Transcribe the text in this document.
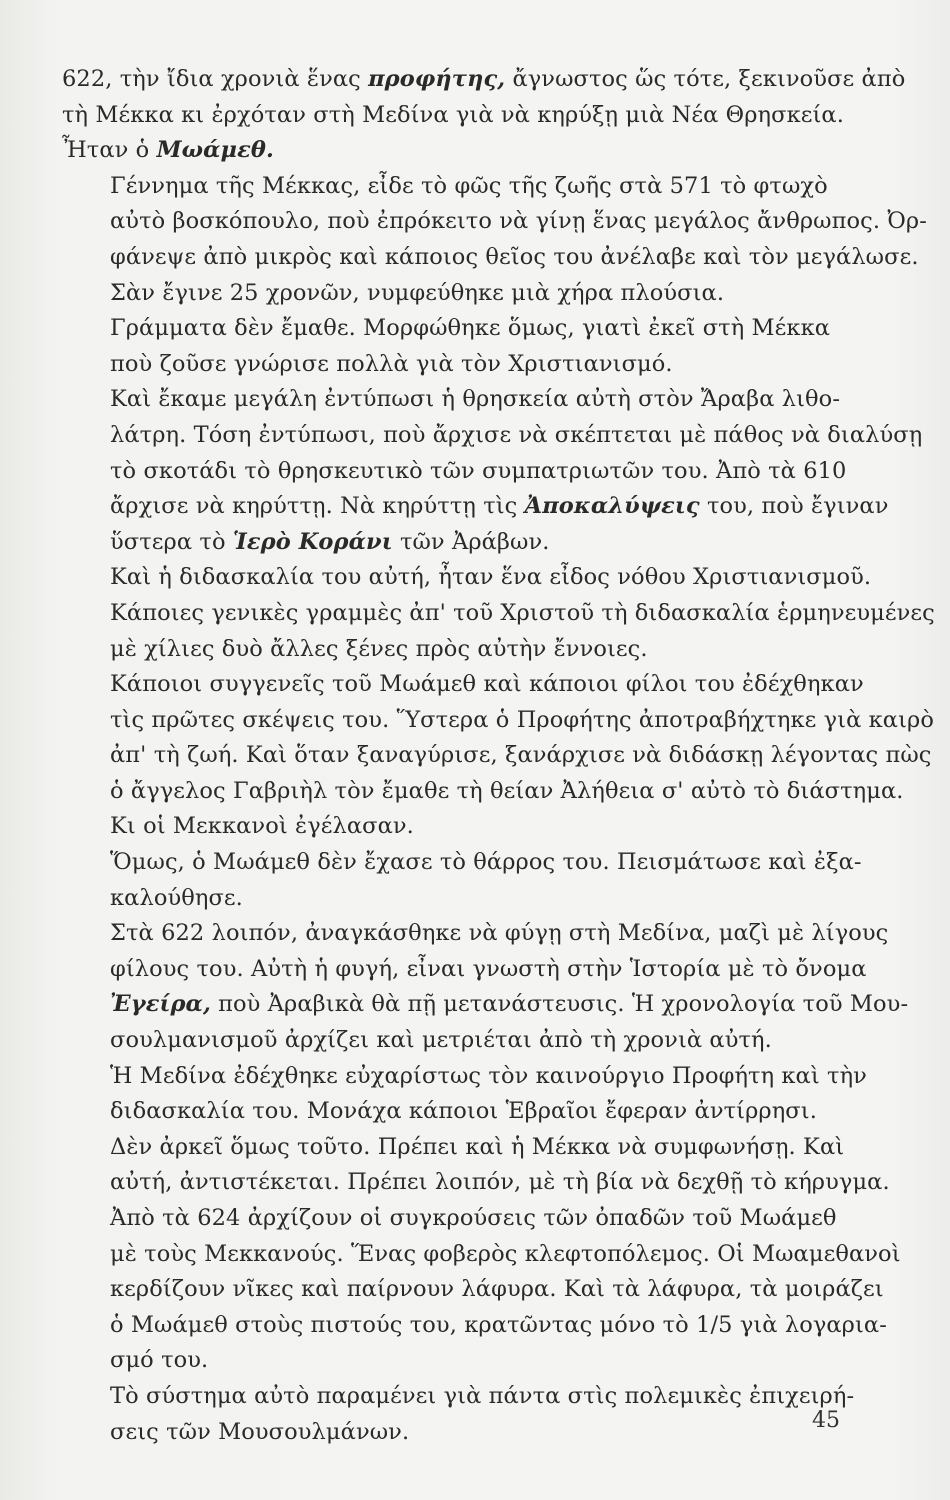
622, τὴν ἴδια χρονιὰ ἕνας προφήτης, ἄγνωστος ὥς τότε, ξεκινοῦσε ἀπὸ
τὴ Μέκκα κι ἐρχόταν στὴ Μεδίνα γιὰ νὰ κηρύξῃ μιὰ Νέα Θρησκεία.
Ἦταν ὁ Μωάμεθ.
Γέννημα τῆς Μέκκας, εἶδε τὸ φῶς τῆς ζωῆς στὰ 571 τὸ φτωχὸ
αὐτὸ βοσκόπουλο, ποὺ ἐπρόκειτο νὰ γίνῃ ἕνας μεγάλος ἄνθρωπος. Ὀρ-
φάνεψε ἀπὸ μικρὸς καὶ κάποιος θεῖος του ἀνέλαβε καὶ τὸν μεγάλωσε.
Σὰν ἔγινε 25 χρονῶν, νυμφεύθηκε μιὰ χήρα πλούσια.
Γράμματα δὲν ἔμαθε. Μορφώθηκε ὅμως, γιατὶ ἐκεῖ στὴ Μέκκα
ποὺ ζοῦσε γνώρισε πολλὰ γιὰ τὸν Χριστιανισμό.
Καὶ ἔκαμε μεγάλη ἐντύπωσι ἡ θρησκεία αὐτὴ στὸν Ἄραβα λιθο-
λάτρη. Τόση ἐντύπωσι, ποὺ ἄρχισε νὰ σκέπτεται μὲ πάθος νὰ διαλύσῃ
τὸ σκοτάδι τὸ θρησκευτικὸ τῶν συμπατριωτῶν του. Ἀπὸ τὰ 610
ἄρχισε νὰ κηρύττῃ. Νὰ κηρύττῃ τὶς Ἀποκαλύψεις του, ποὺ ἔγιναν
ὕστερα τὸ Ἱερὸ Κοράνι τῶν Ἀράβων.
Καὶ ἡ διδασκαλία του αὐτή, ἦταν ἕνα εἶδος νόθου Χριστιανισμοῦ.
Κάποιες γενικὲς γραμμὲς ἀπ' τοῦ Χριστοῦ τὴ διδασκαλία ἑρμηνευμένες
μὲ χίλιες δυὸ ἄλλες ξένες πρὸς αὐτὴν ἔννοιες.
Κάποιοι συγγενεῖς τοῦ Μωάμεθ καὶ κάποιοι φίλοι του ἐδέχθηκαν
τὶς πρῶτες σκέψεις του. Ὕστερα ὁ Προφήτης ἀποτραβήχτηκε γιὰ καιρὸ
ἀπ' τὴ ζωή. Καὶ ὅταν ξαναγύρισε, ξανάρχισε νὰ διδάσκῃ λέγοντας πὼς
ὁ ἄγγελος Γαβριὴλ τὸν ἔμαθε τὴ θείαν Ἀλήθεια σ' αὐτὸ τὸ διάστημα.
Κι οἱ Μεκκανοὶ ἐγέλασαν.
Ὅμως, ὁ Μωάμεθ δὲν ἔχασε τὸ θάρρος του. Πεισμάτωσε καὶ ἐξα-
καλούθησε.
Στὰ 622 λοιπόν, ἀναγκάσθηκε νὰ φύγῃ στὴ Μεδίνα, μαζὶ μὲ λίγους
φίλους του. Αὐτὴ ἡ φυγή, εἶναι γνωστὴ στὴν Ἱστορία μὲ τὸ ὄνομα
Ἐγείρα, ποὺ Ἀραβικὰ θὰ πῇ μετανάστευσις. Ἡ χρονολογία τοῦ Μου-
σουλμανισμοῦ ἀρχίζει καὶ μετριέται ἀπὸ τὴ χρονιὰ αὐτή.
Ἡ Μεδίνα ἐδέχθηκε εὐχαρίστως τὸν καινούργιο Προφήτη καὶ τὴν
διδασκαλία του. Μονάχα κάποιοι Ἑβραῖοι ἔφεραν ἀντίρρησι.
Δὲν ἀρκεῖ ὅμως τοῦτο. Πρέπει καὶ ἡ Μέκκα νὰ συμφωνήσῃ. Καὶ
αὐτή, ἀντιστέκεται. Πρέπει λοιπόν, μὲ τὴ βία νὰ δεχθῇ τὸ κήρυγμα.
Ἀπὸ τὰ 624 ἀρχίζουν οἱ συγκρούσεις τῶν ὀπαδῶν τοῦ Μωάμεθ
μὲ τοὺς Μεκκανούς. Ἕνας φοβερὸς κλεφτοπόλεμος. Οἱ Μωαμεθανοὶ
κερδίζουν νῖκες καὶ παίρνουν λάφυρα. Καὶ τὰ λάφυρα, τὰ μοιράζει
ὁ Μωάμεθ στοὺς πιστούς του, κρατῶντας μόνο τὸ 1/5 γιὰ λογαρια-
σμό του.
Τὸ σύστημα αὐτὸ παραμένει γιὰ πάντα στὶς πολεμικὲς ἐπιχειρή-
σεις τῶν Μουσουλμάνων.	45
